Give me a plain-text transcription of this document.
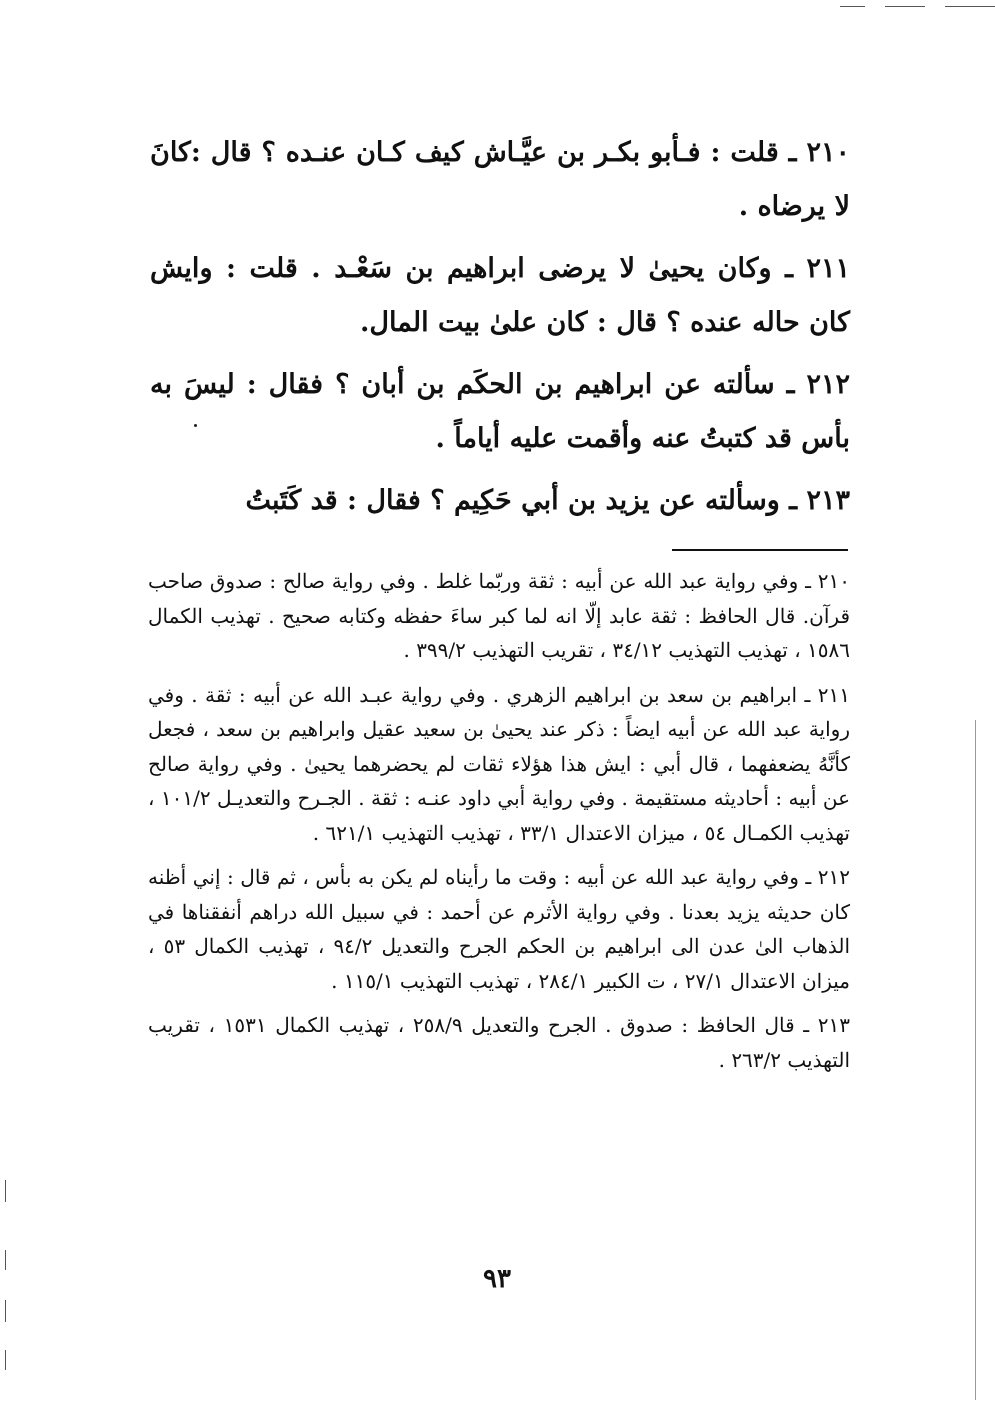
٢١٠ ـ قلت : فـأبو بكـر بن عيَّـاش كيف كـان عنـده ؟ قال :كانَ لا يرضاه .

٢١١ ـ وكان يحيىٰ لا يرضى ابراهيم بن سَعْـد . قلت : وايش كان حاله عنده ؟ قال : كان علىٰ بيت المال.

٢١٢ ـ سألته عن ابراهيم بن الحكَم بن أبان ؟ فقال : ليسَ به بأس قد كتبتُ عنه وأقمت عليه أياماً .

٢١٣ ـ وسألته عن يزيد بن أبي حَكِيم ؟ فقال : قد كَتَبتُ

٢١٠ ـ وفي رواية عبد الله عن أبيه : ثقة وربّما غلط . وفي رواية صالح : صدوق صاحب قرآن. قال الحافظ : ثقة عابد إلّا انه لما كبر ساءَ حفظه وكتابه صحيح . تهذيب الكمال ١٥٨٦ ، تهذيب التهذيب ٣٤/١٢ ، تقريب التهذيب ٣٩٩/٢ .

٢١١ ـ ابراهيم بن سعد بن ابراهيم الزهري . وفي رواية عبـد الله عن أبيه : ثقة . وفي رواية عبد الله عن أبيه ايضاً : ذكر عند يحيىٰ بن سعيد عقيل وابراهيم بن سعد ، فجعل كأنَّهُ يضعفهما ، قال أبي : ايش هذا هؤلاء ثقات لم يحضرهما يحيىٰ . وفي رواية صالح عن أبيه : أحاديثه مستقيمة . وفي رواية أبي داود عنـه : ثقة . الجـرح والتعديـل ١٠١/٢ ، تهذيب الكمـال ٥٤ ، ميزان الاعتدال ٣٣/١ ، تهذيب التهذيب ٦٢١/١ .

٢١٢ ـ وفي رواية عبد الله عن أبيه : وقت ما رأيناه لم يكن به بأس ، ثم قال : إني أظنه كان حديثه يزيد بعدنا . وفي رواية الأثرم عن أحمد : في سبيل الله دراهم أنفقناها في الذهاب الىٰ عدن الى ابراهيم بن الحكم الجرح والتعديل ٩٤/٢ ، تهذيب الكمال ٥٣ ، ميزان الاعتدال ٢٧/١ ، ت الكبير ٢٨٤/١ ، تهذيب التهذيب ١١٥/١ .

٢١٣ ـ قال الحافظ : صدوق . الجرح والتعديل ٢٥٨/٩ ، تهذيب الكمال ١٥٣١ ، تقريب التهذيب ٢٦٣/٢ .

٩٣
